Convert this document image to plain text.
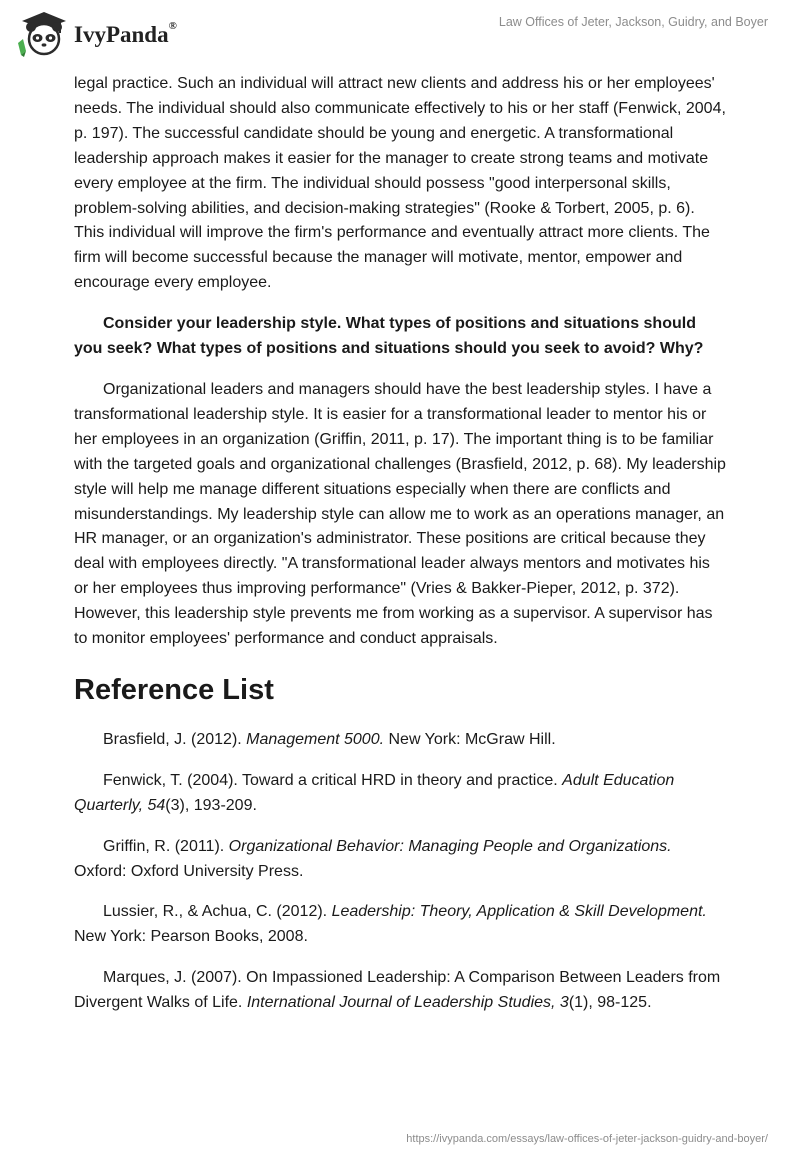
IvyPanda®	Law Offices of Jeter, Jackson, Guidry, and Boyer

legal practice. Such an individual will attract new clients and address his or her employees' needs. The individual should also communicate effectively to his or her staff (Fenwick, 2004, p. 197). The successful candidate should be young and energetic. A transformational leadership approach makes it easier for the manager to create strong teams and motivate every employee at the firm. The individual should possess "good interpersonal skills, problem-solving abilities, and decision-making strategies" (Rooke & Torbert, 2005, p. 6). This individual will improve the firm's performance and eventually attract more clients. The firm will become successful because the manager will motivate, mentor, empower and encourage every employee.

Consider your leadership style. What types of positions and situations should you seek? What types of positions and situations should you seek to avoid? Why?

Organizational leaders and managers should have the best leadership styles. I have a transformational leadership style. It is easier for a transformational leader to mentor his or her employees in an organization (Griffin, 2011, p. 17). The important thing is to be familiar with the targeted goals and organizational challenges (Brasfield, 2012, p. 68). My leadership style will help me manage different situations especially when there are conflicts and misunderstandings. My leadership style can allow me to work as an operations manager, an HR manager, or an organization's administrator. These positions are critical because they deal with employees directly. "A transformational leader always mentors and motivates his or her employees thus improving performance" (Vries & Bakker-Pieper, 2012, p. 372). However, this leadership style prevents me from working as a supervisor. A supervisor has to monitor employees' performance and conduct appraisals.

Reference List

Brasfield, J. (2012). Management 5000. New York: McGraw Hill.

Fenwick, T. (2004). Toward a critical HRD in theory and practice. Adult Education Quarterly, 54(3), 193-209.

Griffin, R. (2011). Organizational Behavior: Managing People and Organizations. Oxford: Oxford University Press.

Lussier, R., & Achua, C. (2012). Leadership: Theory, Application & Skill Development. New York: Pearson Books, 2008.

Marques, J. (2007). On Impassioned Leadership: A Comparison Between Leaders from Divergent Walks of Life. International Journal of Leadership Studies, 3(1), 98-125.

https://ivypanda.com/essays/law-offices-of-jeter-jackson-guidry-and-boyer/
